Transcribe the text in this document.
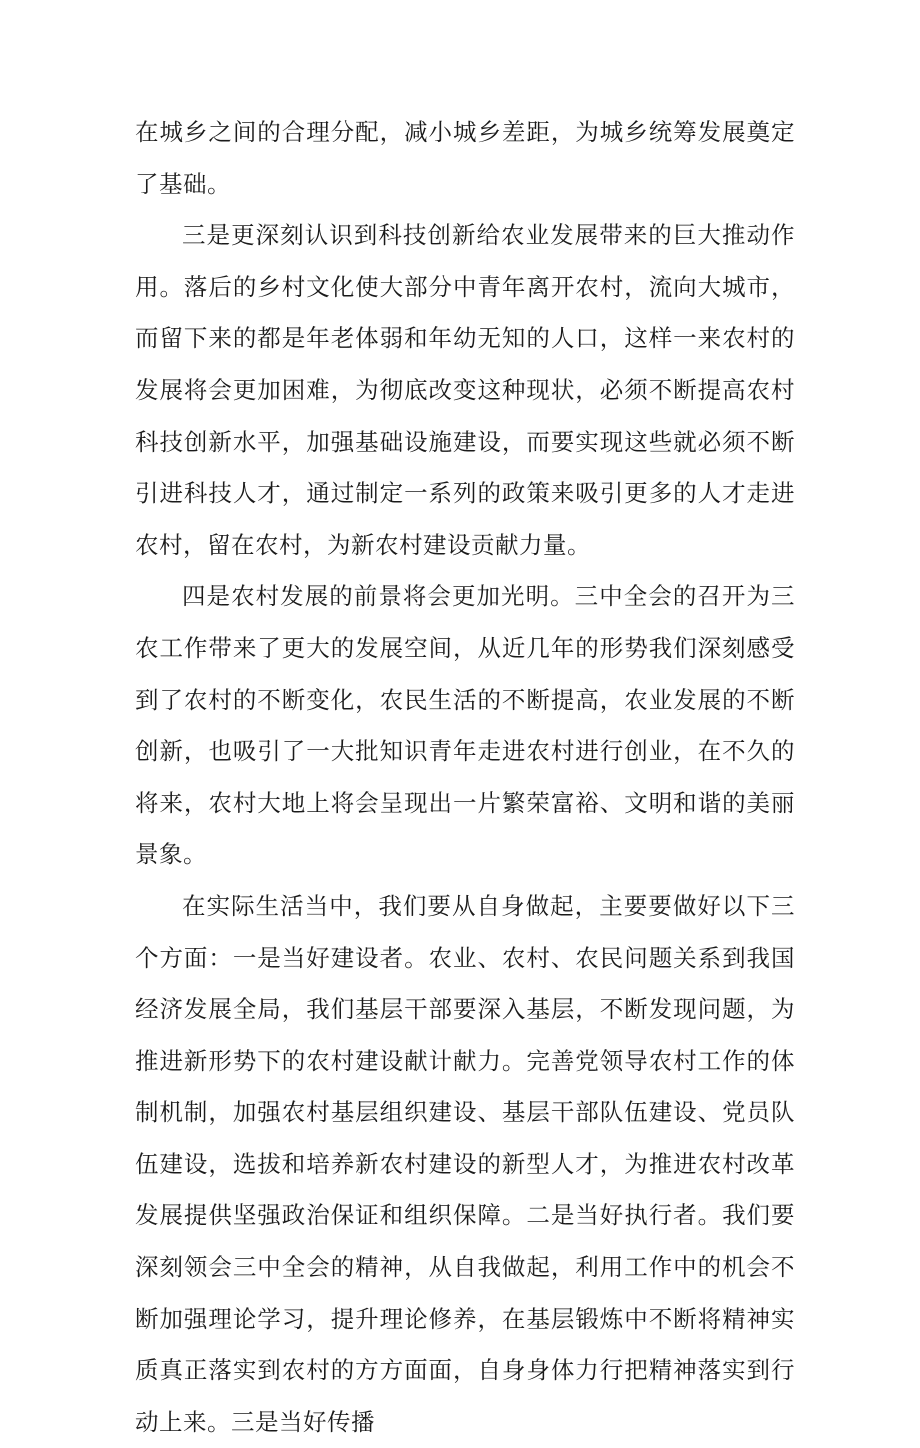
在城乡之间的合理分配，减小城乡差距，为城乡统筹发展奠定了基础。

三是更深刻认识到科技创新给农业发展带来的巨大推动作用。落后的乡村文化使大部分中青年离开农村，流向大城市，而留下来的都是年老体弱和年幼无知的人口，这样一来农村的发展将会更加困难，为彻底改变这种现状，必须不断提高农村科技创新水平，加强基础设施建设，而要实现这些就必须不断引进科技人才，通过制定一系列的政策来吸引更多的人才走进农村，留在农村，为新农村建设贡献力量。

四是农村发展的前景将会更加光明。三中全会的召开为三农工作带来了更大的发展空间，从近几年的形势我们深刻感受到了农村的不断变化，农民生活的不断提高，农业发展的不断创新，也吸引了一大批知识青年走进农村进行创业，在不久的将来，农村大地上将会呈现出一片繁荣富裕、文明和谐的美丽景象。

在实际生活当中，我们要从自身做起，主要要做好以下三个方面：一是当好建设者。农业、农村、农民问题关系到我国经济发展全局，我们基层干部要深入基层，不断发现问题，为推进新形势下的农村建设献计献力。完善党领导农村工作的体制机制，加强农村基层组织建设、基层干部队伍建设、党员队伍建设，选拔和培养新农村建设的新型人才，为推进农村改革发展提供坚强政治保证和组织保障。二是当好执行者。我们要深刻领会三中全会的精神，从自我做起，利用工作中的机会不断加强理论学习，提升理论修养，在基层锻炼中不断将精神实质真正落实到农村的方方面面，自身身体力行把精神落实到行动上来。三是当好传播
